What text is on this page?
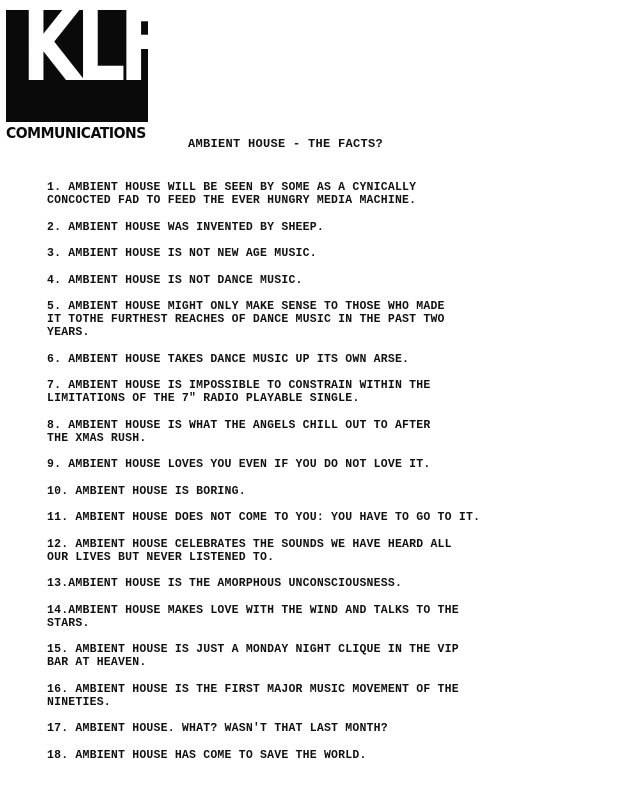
KLF
COMMUNICATIONS
AMBIENT HOUSE - THE FACTS?
1. AMBIENT HOUSE WILL BE SEEN BY SOME AS A CYNICALLY
CONCOCTED FAD TO FEED THE EVER HUNGRY MEDIA MACHINE.
2. AMBIENT HOUSE WAS INVENTED BY SHEEP.
3. AMBIENT HOUSE IS NOT NEW AGE MUSIC.
4. AMBIENT HOUSE IS NOT DANCE MUSIC.
5. AMBIENT HOUSE MIGHT ONLY MAKE SENSE TO THOSE WHO MADE
IT TOTHE FURTHEST REACHES OF DANCE MUSIC IN THE PAST TWO
YEARS.
6. AMBIENT HOUSE TAKES DANCE MUSIC UP ITS OWN ARSE.
7. AMBIENT HOUSE IS IMPOSSIBLE TO CONSTRAIN WITHIN THE
LIMITATIONS OF THE 7" RADIO PLAYABLE SINGLE.
8. AMBIENT HOUSE IS WHAT THE ANGELS CHILL OUT TO AFTER
THE XMAS RUSH.
9. AMBIENT HOUSE LOVES YOU EVEN IF YOU DO NOT LOVE IT.
10. AMBIENT HOUSE IS BORING.
11. AMBIENT HOUSE DOES NOT COME TO YOU: YOU HAVE TO GO TO IT.
12. AMBIENT HOUSE CELEBRATES THE SOUNDS WE HAVE HEARD ALL
OUR LIVES BUT NEVER LISTENED TO.
13.AMBIENT HOUSE IS THE AMORPHOUS UNCONSCIOUSNESS.
14.AMBIENT HOUSE MAKES LOVE WITH THE WIND AND TALKS TO THE
STARS.
15. AMBIENT HOUSE IS JUST A MONDAY NIGHT CLIQUE IN THE VIP
BAR AT HEAVEN.
16. AMBIENT HOUSE IS THE FIRST MAJOR MUSIC MOVEMENT OF THE
NINETIES.
17. AMBIENT HOUSE. WHAT? WASN'T THAT LAST MONTH?
18. AMBIENT HOUSE HAS COME TO SAVE THE WORLD.
